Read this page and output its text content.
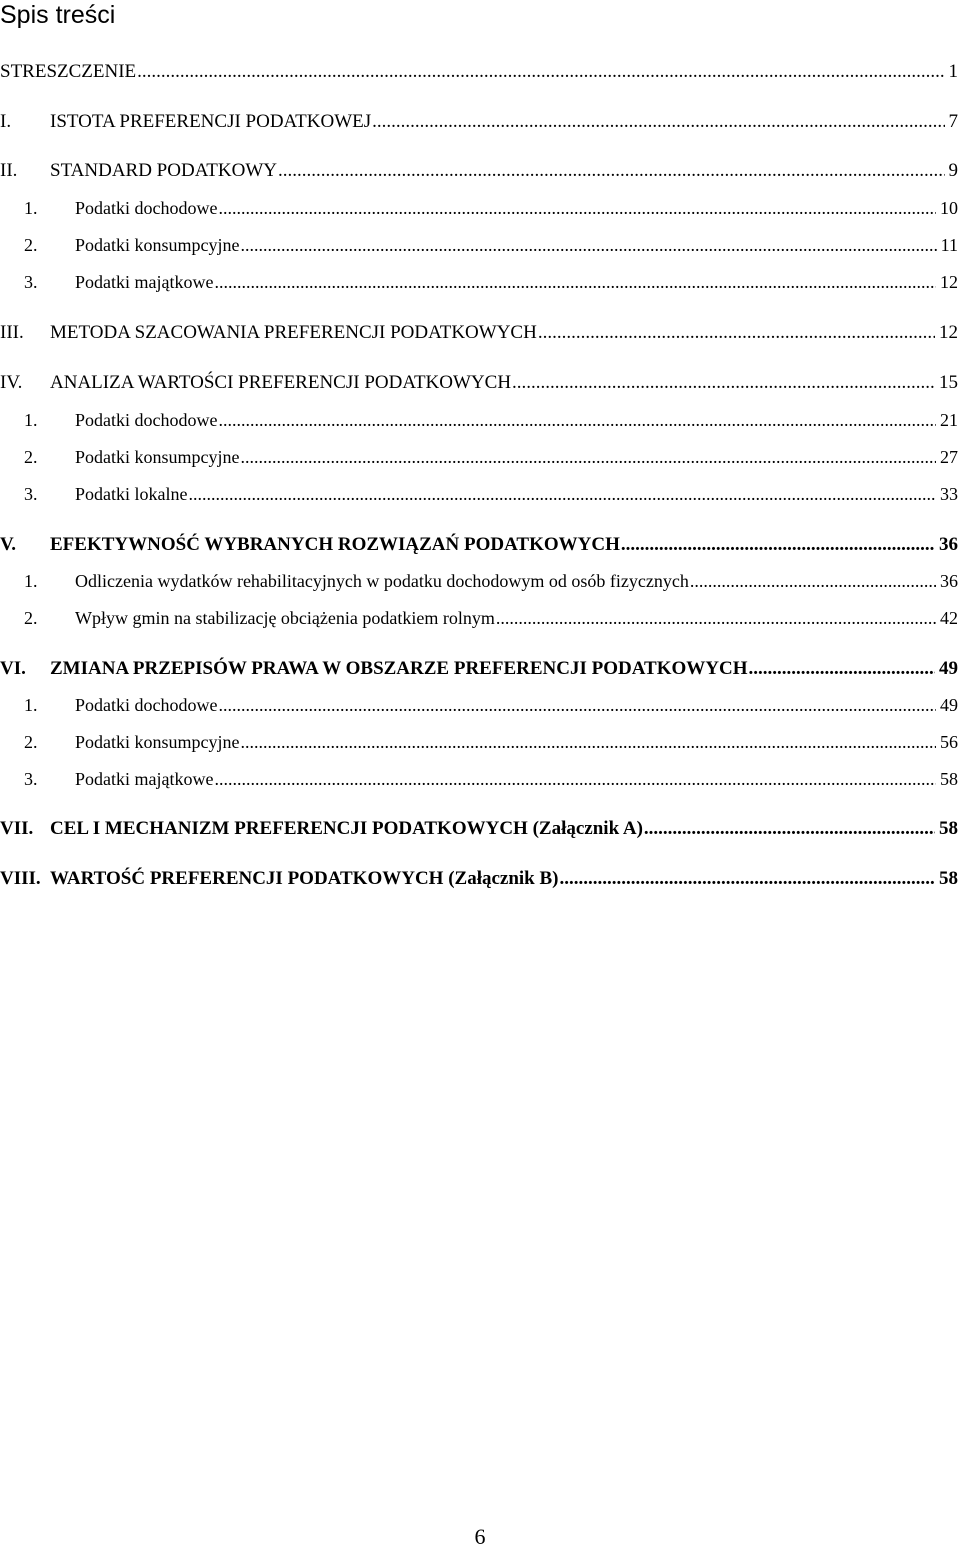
Spis treści
STRESZCZENIE .....	1
I.	ISTOTA PREFERENCJI PODATKOWEJ .....	7
II.	STANDARD PODATKOWY .....	9
1.	Podatki dochodowe .....	10
2.	Podatki konsumpcyjne .....	11
3.	Podatki majątkowe .....	12
III.	METODA SZACOWANIA PREFERENCJI PODATKOWYCH .....	12
IV.	ANALIZA WARTOŚCI PREFERENCJI PODATKOWYCH .....	15
1.	Podatki dochodowe .....	21
2.	Podatki konsumpcyjne .....	27
3.	Podatki lokalne .....	33
V.	EFEKTYWNOŚĆ WYBRANYCH ROZWIĄZAŃ PODATKOWYCH .....	36
1.	Odliczenia wydatków rehabilitacyjnych w podatku dochodowym od osób fizycznych .....	36
2.	Wpływ gmin na stabilizację obciążenia podatkiem rolnym .....	42
VI.	ZMIANA PRZEPISÓW PRAWA W OBSZARZE PREFERENCJI PODATKOWYCH .....	49
1.	Podatki dochodowe .....	49
2.	Podatki konsumpcyjne .....	56
3.	Podatki majątkowe .....	58
VII. CEL I MECHANIZM PREFERENCJI PODATKOWYCH (Załącznik A) .....	58
VIII. WARTOŚĆ PREFERENCJI PODATKOWYCH (Załącznik B) .....	58
6
